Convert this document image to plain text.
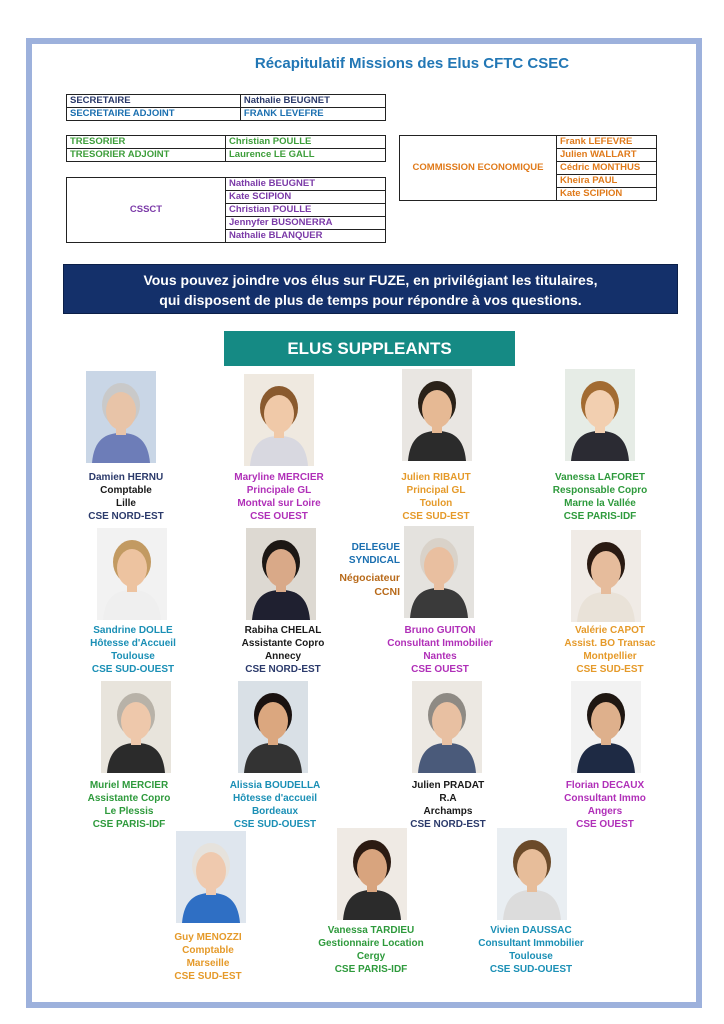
Récapitulatif Missions des Elus CFTC CSEC
SECRETAIRE	Nathalie BEUGNET
SECRETAIRE ADJOINT	FRANK LEVEFRE
TRESORIER	Christian POULLE
TRESORIER ADJOINT	Laurence LE GALL
CSSCT	Nathalie BEUGNET
Kate SCIPION
Christian POULLE
Jennyfer BUSONERRA
Nathalie BLANQUER
COMMISSION ECONOMIQUE	Frank LEFEVRE
Julien WALLART
Cédric MONTHUS
Kheira PAUL
Kate SCIPION
Vous pouvez joindre vos élus sur FUZE, en privilégiant les titulaires,
qui disposent de plus de temps pour répondre à vos questions.
ELUS SUPPLEANTS
DELEGUE
SYNDICAL
Négociateur
CCNI
Damien HERNU
Comptable
Lille
CSE NORD-EST
Maryline MERCIER
Principale GL
Montval sur Loire
CSE OUEST
Julien RIBAUT
Principal GL
Toulon
CSE SUD-EST
Vanessa LAFORET
Responsable Copro
Marne la Vallée
CSE PARIS-IDF
Sandrine DOLLE
Hôtesse d'Accueil
Toulouse
CSE SUD-OUEST
Rabiha CHELAL
Assistante Copro
Annecy
CSE NORD-EST
Bruno GUITON
Consultant Immobilier
Nantes
CSE OUEST
Valérie CAPOT
Assist. BO Transac
Montpellier
CSE SUD-EST
Muriel MERCIER
Assistante Copro
Le Plessis
CSE PARIS-IDF
Alissia BOUDELLA
Hôtesse d'accueil
Bordeaux
CSE SUD-OUEST
Julien PRADAT
R.A
Archamps
CSE NORD-EST
Florian DECAUX
Consultant Immo
Angers
CSE OUEST
Guy MENOZZI
Comptable
Marseille
CSE SUD-EST
Vanessa TARDIEU
Gestionnaire Location
Cergy
CSE PARIS-IDF
Vivien DAUSSAC
Consultant Immobilier
Toulouse
CSE SUD-OUEST
